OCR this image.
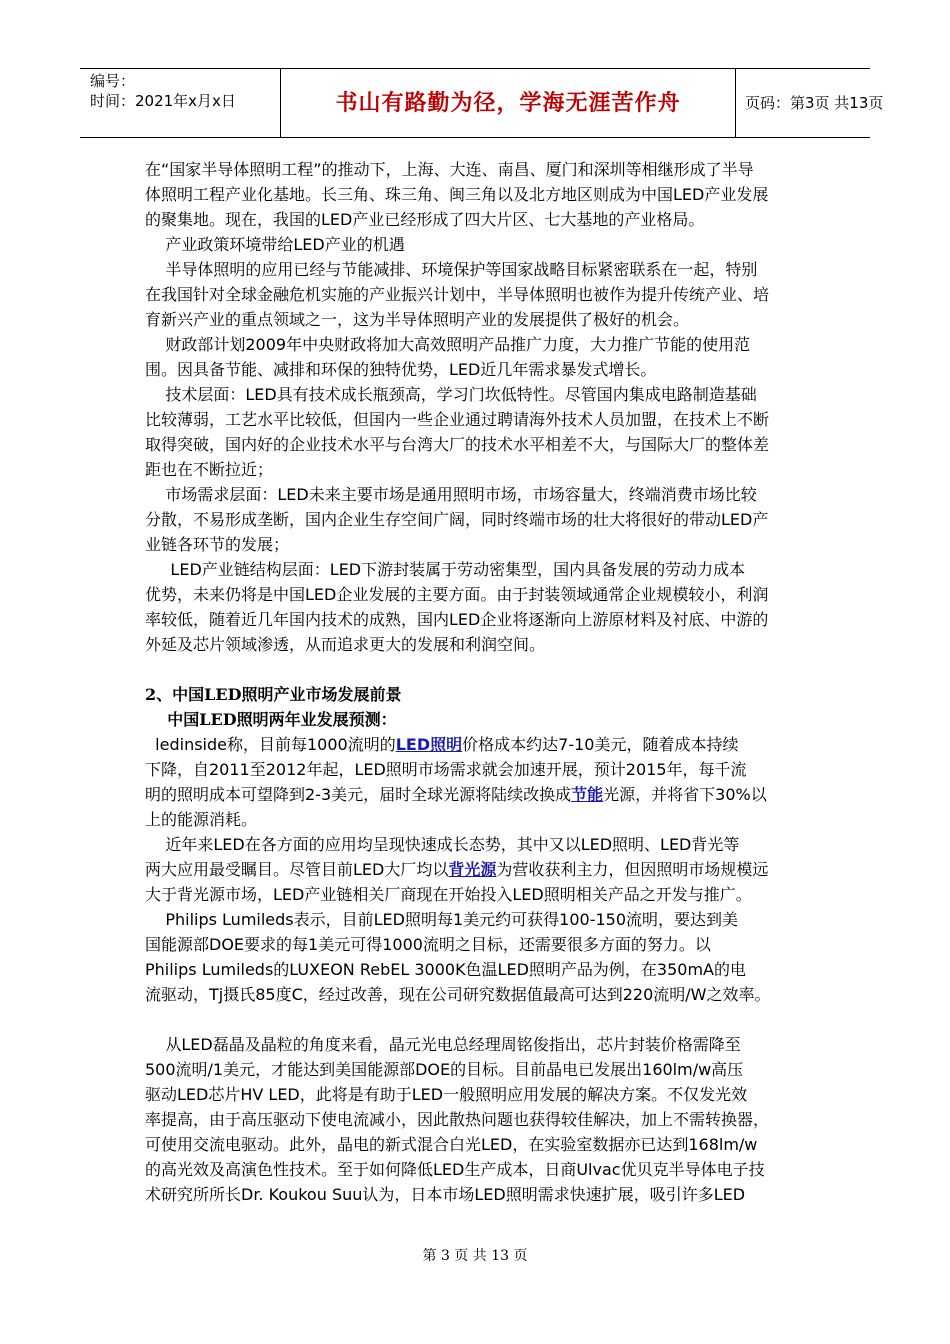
编号：
时间：2021年x月x日	书山有路勤为径，学海无涯苦作舟	页码：第3页 共13页

在“国家半导体照明工程”的推动下，上海、大连、南昌、厦门和深圳等相继形成了半导
体照明工程产业化基地。长三角、珠三角、闽三角以及北方地区则成为中国LED产业发展
的聚集地。现在，我国的LED产业已经形成了四大片区、七大基地的产业格局。

产业政策环境带给LED产业的机遇

半导体照明的应用已经与节能减排、环境保护等国家战略目标紧密联系在一起，特别
在我国针对全球金融危机实施的产业振兴计划中，半导体照明也被作为提升传统产业、培
育新兴产业的重点领域之一，这为半导体照明产业的发展提供了极好的机会。

财政部计划2009年中央财政将加大高效照明产品推广力度，大力推广节能的使用范
围。因具备节能、减排和环保的独特优势，LED近几年需求暴发式增长。

技术层面：LED具有技术成长瓶颈高，学习门坎低特性。尽管国内集成电路制造基础
比较薄弱，工艺水平比较低，但国内一些企业通过聘请海外技术人员加盟，在技术上不断
取得突破，国内好的企业技术水平与台湾大厂的技术水平相差不大，与国际大厂的整体差
距也在不断拉近；

市场需求层面：LED未来主要市场是通用照明市场，市场容量大，终端消费市场比较
分散，不易形成垄断，国内企业生存空间广阔，同时终端市场的壮大将很好的带动LED产
业链各环节的发展；

LED产业链结构层面：LED下游封装属于劳动密集型，国内具备发展的劳动力成本
优势，未来仍将是中国LED企业发展的主要方面。由于封装领域通常企业规模较小，利润
率较低，随着近几年国内技术的成熟，国内LED企业将逐渐向上游原材料及衬底、中游的
外延及芯片领域渗透，从而追求更大的发展和利润空间。

2、中国LED照明产业市场发展前景
中国LED照明两年业发展预测：

ledinside称，目前每1000流明的LED照明价格成本约达7-10美元，随着成本持续
下降，自2011至2012年起，LED照明市场需求就会加速开展，预计2015年，每千流
明的照明成本可望降到2-3美元，届时全球光源将陆续改换成节能光源，并将省下30%以
上的能源消耗。

近年来LED在各方面的应用均呈现快速成长态势，其中又以LED照明、LED背光等
两大应用最受瞩目。尽管目前LED大厂均以背光源为营收获利主力，但因照明市场规模远
大于背光源市场，LED产业链相关厂商现在开始投入LED照明相关产品之开发与推广。

Philips Lumileds表示，目前LED照明每1美元约可获得100-150流明，要达到美
国能源部DOE要求的每1美元可得1000流明之目标，还需要很多方面的努力。以
Philips Lumileds的LUXEON RebEL 3000K色温LED照明产品为例，在350mA的电
流驱动，Tj摄氏85度C，经过改善，现在公司研究数据值最高可达到220流明/W之效率。

从LED磊晶及晶粒的角度来看，晶元光电总经理周铭俊指出，芯片封装价格需降至
500流明/1美元，才能达到美国能源部DOE的目标。目前晶电已发展出160lm/w高压
驱动LED芯片HV LED，此将是有助于LED一般照明应用发展的解决方案。不仅发光效
率提高，由于高压驱动下使电流减小，因此散热问题也获得较佳解决，加上不需转换器，
可使用交流电驱动。此外，晶电的新式混合白光LED，在实验室数据亦已达到168lm/w
的高光效及高演色性技术。至于如何降低LED生产成本，日商Ulvac优贝克半导体电子技
术研究所所长Dr. Koukou Suu认为，日本市场LED照明需求快速扩展，吸引许多LED

第 3 页 共 13 页
